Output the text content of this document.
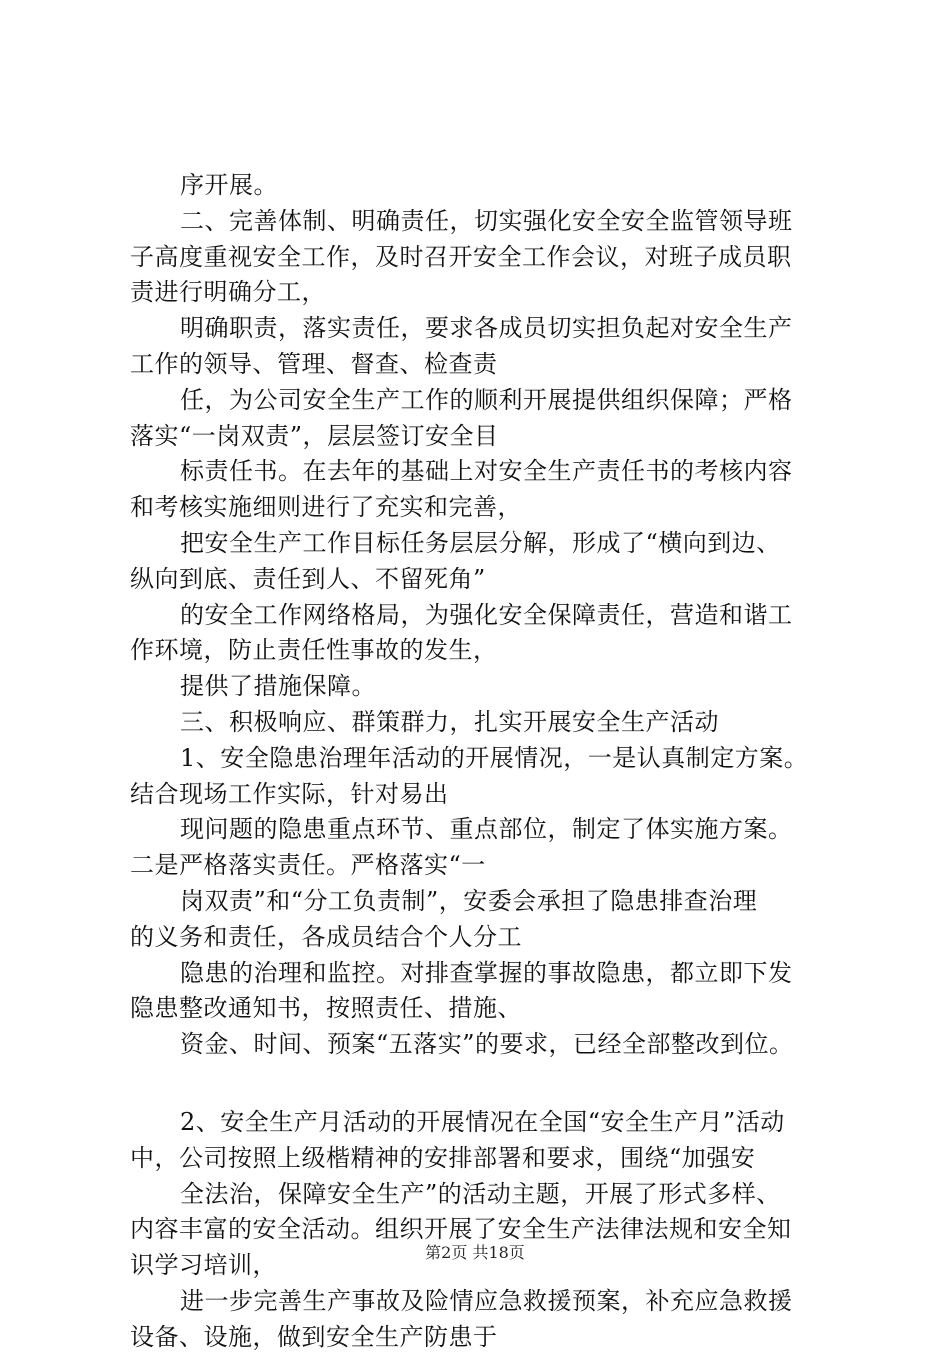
序开展。
二、完善体制、明确责任，切实强化安全安全监管领导班
子高度重视安全工作，及时召开安全工作会议，对班子成员职
责进行明确分工，
明确职责，落实责任，要求各成员切实担负起对安全生产
工作的领导、管理、督查、检查责
任，为公司安全生产工作的顺利开展提供组织保障；严格
落实“一岗双责”，层层签订安全目
标责任书。在去年的基础上对安全生产责任书的考核内容
和考核实施细则进行了充实和完善，
把安全生产工作目标任务层层分解，形成了“横向到边、
纵向到底、责任到人、不留死角”
的安全工作网络格局，为强化安全保障责任，营造和谐工
作环境，防止责任性事故的发生，
提供了措施保障。
三、积极响应、群策群力，扎实开展安全生产活动
1、安全隐患治理年活动的开展情况，一是认真制定方案。
结合现场工作实际，针对易出
现问题的隐患重点环节、重点部位，制定了体实施方案。
二是严格落实责任。严格落实“一
岗双责”和“分工负责制”，安委会承担了隐患排查治理
的义务和责任，各成员结合个人分工
隐患的治理和监控。对排查掌握的事故隐患，都立即下发
隐患整改通知书，按照责任、措施、
资金、时间、预案“五落实”的要求，已经全部整改到位。
2、安全生产月活动的开展情况在全国“安全生产月”活动
中，公司按照上级楷精神的安排部署和要求，围绕“加强安
全法治，保障安全生产”的活动主题，开展了形式多样、
内容丰富的安全活动。组织开展了安全生产法律法规和安全知
识学习培训，
进一步完善生产事故及险情应急救援预案，补充应急救援
设备、设施，做到安全生产防患于
第2页 共18页
